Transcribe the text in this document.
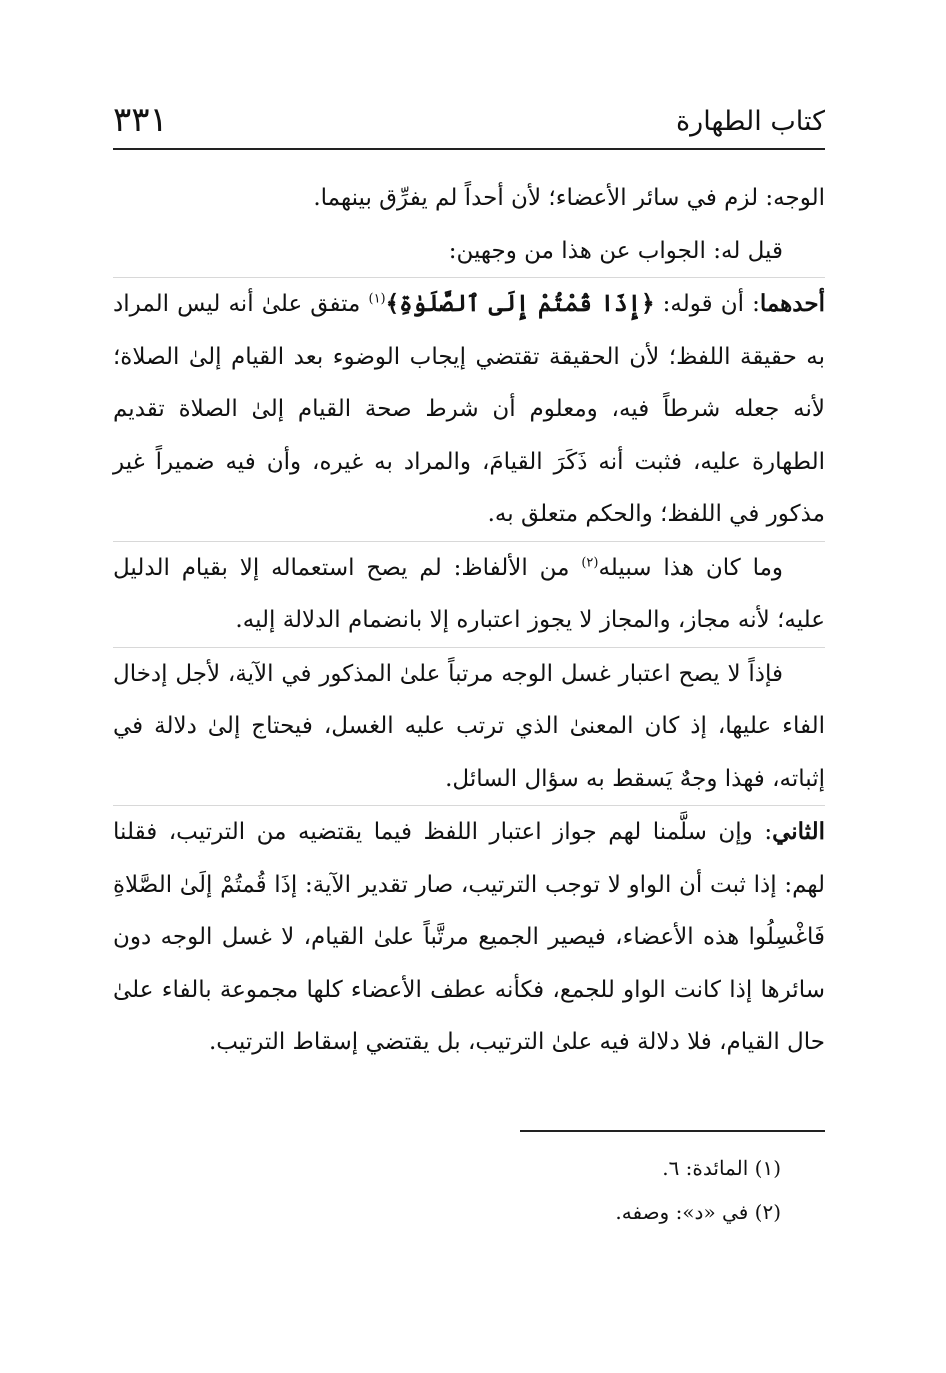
كتاب الطهارة
٣٣١

الوجه: لزم في سائر الأعضاء؛ لأن أحداً لم يفرِّق بينهما.

قيل له: الجواب عن هذا من وجهين:

أحدهما: أن قوله: ﴿إِذَا قُمْتُمْ إِلَى ٱلصَّلَوٰةِ﴾$^{(١)}$ متفق علىٰ أنه ليس المراد به حقيقة اللفظ؛ لأن الحقيقة تقتضي إيجاب الوضوء بعد القيام إلىٰ الصلاة؛ لأنه جعله شرطاً فيه، ومعلوم أن شرط صحة القيام إلىٰ الصلاة تقديم الطهارة عليه، فثبت أنه ذَكَرَ القيامَ، والمراد به غيره، وأن فيه ضميراً غير مذكور في اللفظ؛ والحكم متعلق به.

وما كان هذا سبيله$^{(٢)}$ من الألفاظ: لم يصح استعماله إلا بقيام الدليل عليه؛ لأنه مجاز، والمجاز لا يجوز اعتباره إلا بانضمام الدلالة إليه.

فإذاً لا يصح اعتبار غسل الوجه مرتباً علىٰ المذكور في الآية، لأجل إدخال الفاء عليها، إذ كان المعنىٰ الذي ترتب عليه الغسل، فيحتاج إلىٰ دلالة في إثباته، فهذا وجهٌ يَسقط به سؤال السائل.

الثاني: وإن سلَّمنا لهم جواز اعتبار اللفظ فيما يقتضيه من الترتيب، فقلنا لهم: إذا ثبت أن الواو لا توجب الترتيب، صار تقدير الآية: إذَا قُمتُمْ إلَىٰ الصَّلاةِ فَاغْسِلُوا هذه الأعضاء، فيصير الجميع مرتَّباً علىٰ القيام، لا غسل الوجه دون سائرها إذا كانت الواو للجمع، فكأنه عطف الأعضاء كلها مجموعة بالفاء علىٰ حال القيام، فلا دلالة فيه علىٰ الترتيب، بل يقتضي إسقاط الترتيب.

(١) المائدة: ٦.

(٢) في «د»: وصفه.
